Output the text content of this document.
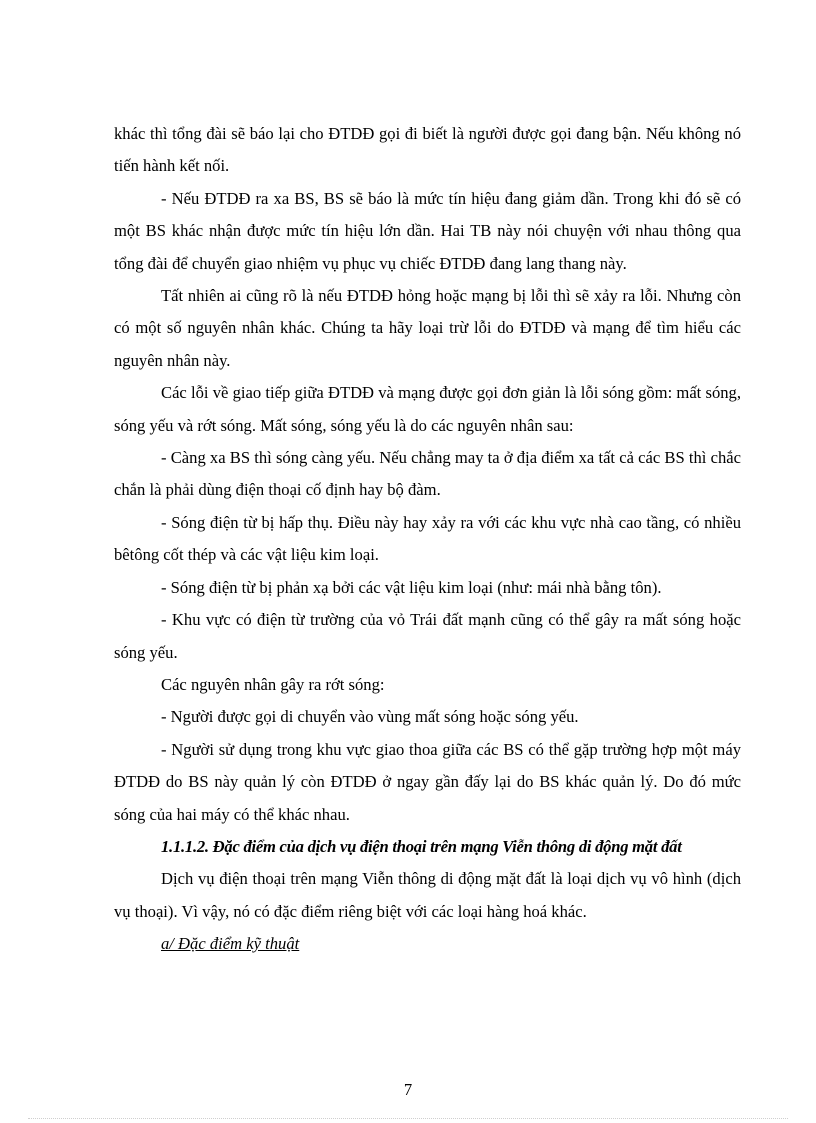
khác thì tổng đài sẽ báo lại cho ĐTDĐ gọi đi biết là người được gọi đang bận. Nếu không nó tiến hành kết nối.

- Nếu ĐTDĐ ra xa BS, BS sẽ báo là mức tín hiệu đang giảm dần. Trong khi đó sẽ có một BS khác nhận được mức tín hiệu lớn dần. Hai TB này nói chuyện với nhau thông qua tổng đài để chuyển giao nhiệm vụ phục vụ chiếc ĐTDĐ đang lang thang này.

Tất nhiên ai cũng rõ là nếu ĐTDĐ hỏng hoặc mạng bị lỗi thì sẽ xảy ra lỗi. Nhưng còn có một số nguyên nhân khác. Chúng ta hãy loại trừ lỗi do ĐTDĐ và mạng để tìm hiểu các nguyên nhân này.

Các lỗi về giao tiếp giữa ĐTDĐ và mạng được gọi đơn giản là lỗi sóng gồm: mất sóng, sóng yếu và rớt sóng. Mất sóng, sóng yếu là do các nguyên nhân sau:

- Càng xa BS thì sóng càng yếu. Nếu chẳng may ta ở địa điểm xa tất cả các BS thì chắc chắn là phải dùng điện thoại cố định hay bộ đàm.

- Sóng điện từ bị hấp thụ. Điều này hay xảy ra với các khu vực nhà cao tầng, có nhiều bêtông cốt thép và các vật liệu kim loại.

- Sóng điện từ bị phản xạ bởi các vật liệu kim loại (như: mái nhà bằng tôn).

- Khu vực có điện từ trường của vỏ Trái đất mạnh cũng có thể gây ra mất sóng hoặc sóng yếu.

Các nguyên nhân gây ra rớt sóng:

- Người được gọi di chuyển vào vùng mất sóng hoặc sóng yếu.

- Người sử dụng trong khu vực giao thoa giữa các BS có thể gặp trường hợp một máy ĐTDĐ do BS này quản lý còn ĐTDĐ ở ngay gần đấy lại do BS khác quản lý. Do đó mức sóng của hai máy có thể khác nhau.

1.1.1.2. Đặc điểm của dịch vụ điện thoại trên mạng Viễn thông di động mặt đất

Dịch vụ điện thoại trên mạng Viễn thông di động mặt đất là loại dịch vụ vô hình (dịch vụ thoại). Vì vậy, nó có đặc điểm riêng biệt với các loại hàng hoá khác.

a/ Đặc điểm kỹ thuật

7
